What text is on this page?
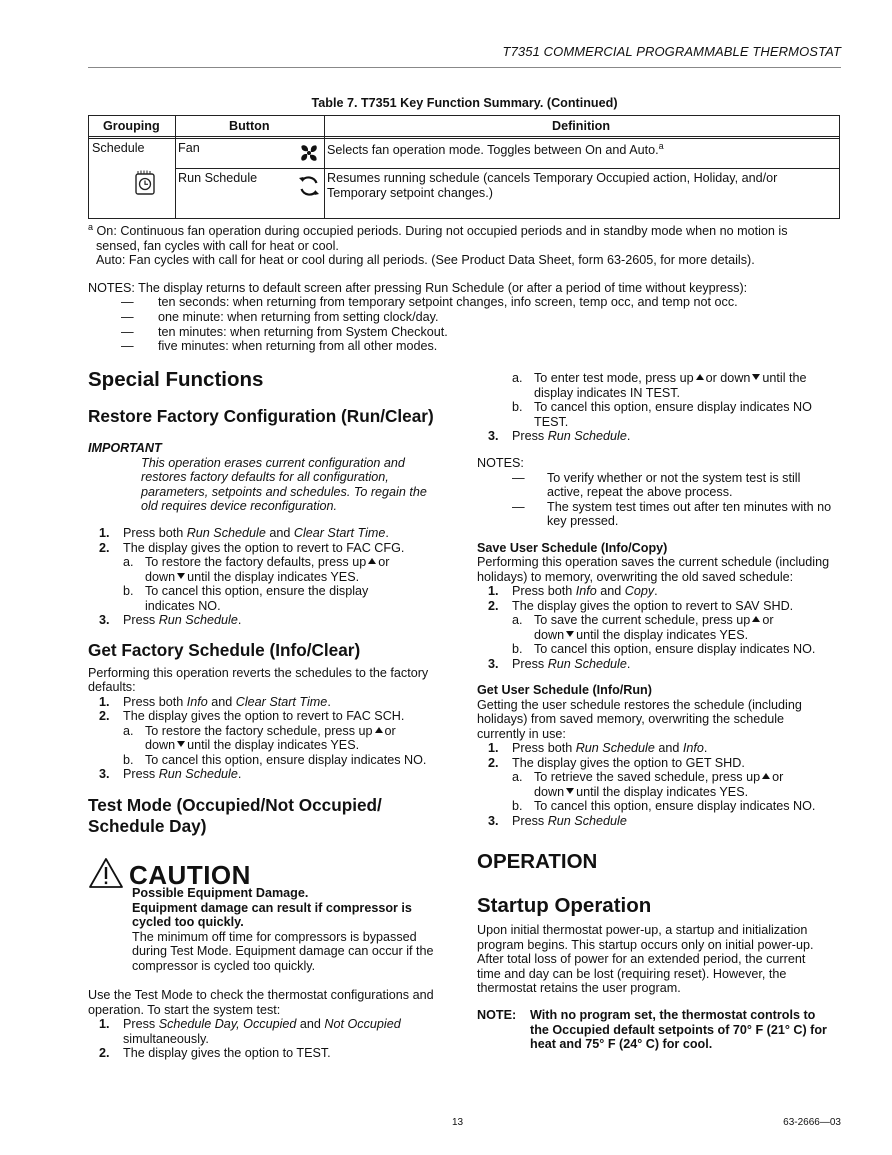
T7351 COMMERCIAL PROGRAMMABLE THERMOSTAT
Table 7. T7351 Key Function Summary. (Continued)
Grouping	Button	Definition
Schedule	Fan	Selects fan operation mode. Toggles between On and Auto.$^a$
Run Schedule	Resumes running schedule (cancels Temporary Occupied action, Holiday, and/or Temporary setpoint changes.)
$^a$ On: Continuous fan operation during occupied periods. During not occupied periods and in standby mode when no motion is
sensed, fan cycles with call for heat or cool.
Auto: Fan cycles with call for heat or cool during all periods. (See Product Data Sheet, form 63-2605, for more details).
NOTES: The display returns to default screen after pressing Run Schedule (or after a period of time without keypress):
— ten seconds: when returning from temporary setpoint changes, info screen, temp occ, and temp not occ.
— one minute: when returning from setting clock/day.
— ten minutes: when returning from System Checkout.
— five minutes: when returning from all other modes.
Special Functions
Restore Factory Configuration (Run/Clear)
IMPORTANT
This operation erases current configuration and
restores factory defaults for all configuration,
parameters, setpoints and schedules. To regain the
old requires device reconfiguration.
1. Press both Run Schedule and Clear Start Time.
2. The display gives the option to revert to FAC CFG.
a. To restore the factory defaults, press up or
down until the display indicates YES.
b. To cancel this option, ensure the display
indicates NO.
3. Press Run Schedule.
Get Factory Schedule (Info/Clear)
Performing this operation reverts the schedules to the factory
defaults:
1. Press both Info and Clear Start Time.
2. The display gives the option to revert to FAC SCH.
a. To restore the factory schedule, press up or
down until the display indicates YES.
b. To cancel this option, ensure display indicates NO.
3. Press Run Schedule.
Test Mode (Occupied/Not Occupied/
Schedule Day)
CAUTION
Possible Equipment Damage.
Equipment damage can result if compressor is
cycled too quickly.
The minimum off time for compressors is bypassed
during Test Mode. Equipment damage can occur if the
compressor is cycled too quickly.
Use the Test Mode to check the thermostat configurations and
operation. To start the system test:
1. Press Schedule Day, Occupied and Not Occupied
simultaneously.
2. The display gives the option to TEST.
a. To enter test mode, press up or down until the
display indicates IN TEST.
b. To cancel this option, ensure display indicates NO
TEST.
3. Press Run Schedule.
NOTES:
— To verify whether or not the system test is still
active, repeat the above process.
— The system test times out after ten minutes with no
key pressed.
Save User Schedule (Info/Copy)
Performing this operation saves the current schedule (including
holidays) to memory, overwriting the old saved schedule:
1. Press both Info and Copy.
2. The display gives the option to revert to SAV SHD.
a. To save the current schedule, press up or
down until the display indicates YES.
b. To cancel this option, ensure display indicates NO.
3. Press Run Schedule.
Get User Schedule (Info/Run)
Getting the user schedule restores the schedule (including
holidays) from saved memory, overwriting the schedule
currently in use:
1. Press both Run Schedule and Info.
2. The display gives the option to GET SHD.
a. To retrieve the saved schedule, press up or
down until the display indicates YES.
b. To cancel this option, ensure display indicates NO.
3. Press Run Schedule
OPERATION
Startup Operation
Upon initial thermostat power-up, a startup and initialization
program begins. This startup occurs only on initial power-up.
After total loss of power for an extended period, the current
time and day can be lost (requiring reset). However, the
thermostat retains the user program.
NOTE: With no program set, the thermostat controls to
the Occupied default setpoints of 70° F (21° C) for
heat and 75° F (24° C) for cool.
13	63-2666—03
